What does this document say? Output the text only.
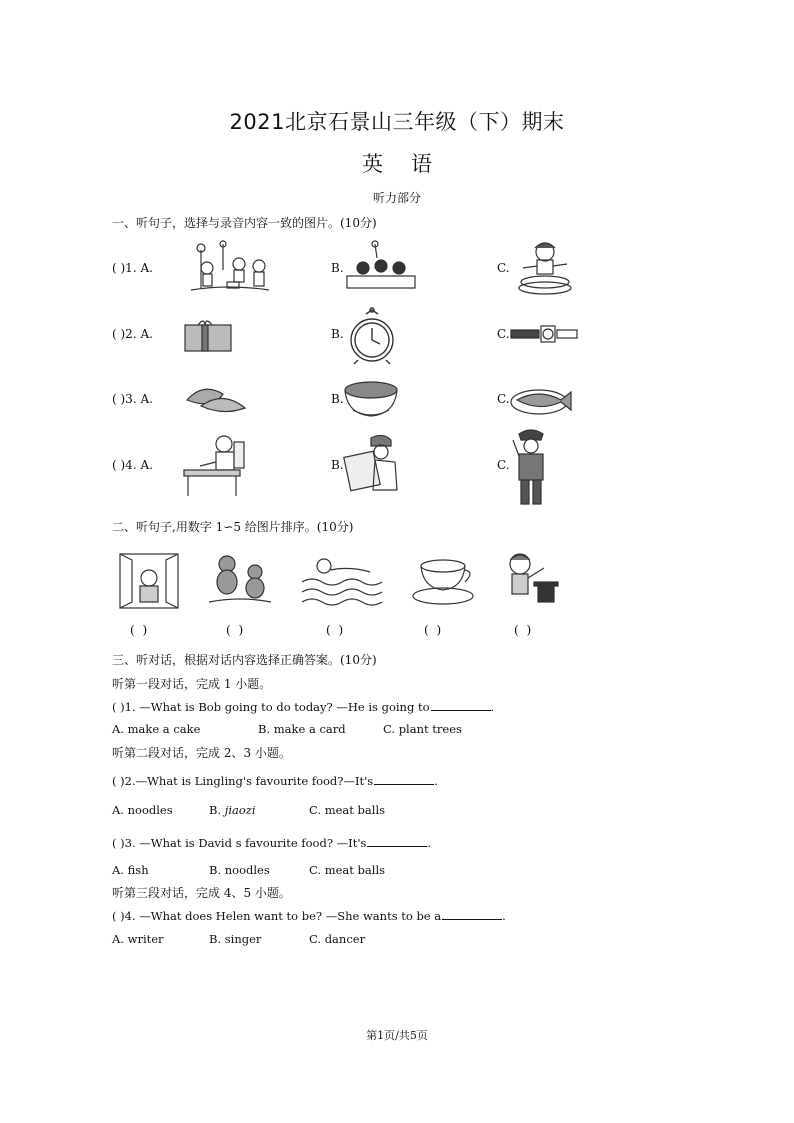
2021北京石景山三年级（下）期末
英语
听力部分
一、听句子，选择与录音内容一致的图片。(10分)
( )1. A.	B.	C.
( )2. A.	B.	C.
( )3. A.	B.	C.
( )4. A.	B.	C.
二、听句子,用数字 1∽5 给图片排序。(10分)
( )	( )	( )	( )	( )
三、听对话，根据对话内容选择正确答案。(10分)
听第一段对话，完成 1 小题。
( )1. —What is Bob going to do today? —He is going to	.
A. make a cake	B. make a card	C. plant trees
听第二段对话，完成 2、3 小题。
( )2.—What is Lingling's favourite food?—It's	.
A. noodles	B. jiaozi	C. meat balls
( )3. —What is David s favourite food? —It's	.
A. fish	B. noodles	C. meat balls
听第三段对话，完成 4、5 小题。
( )4. —What does Helen want to be? —She wants to be a	.
A. writer	B. singer	C. dancer
第1页/共5页
